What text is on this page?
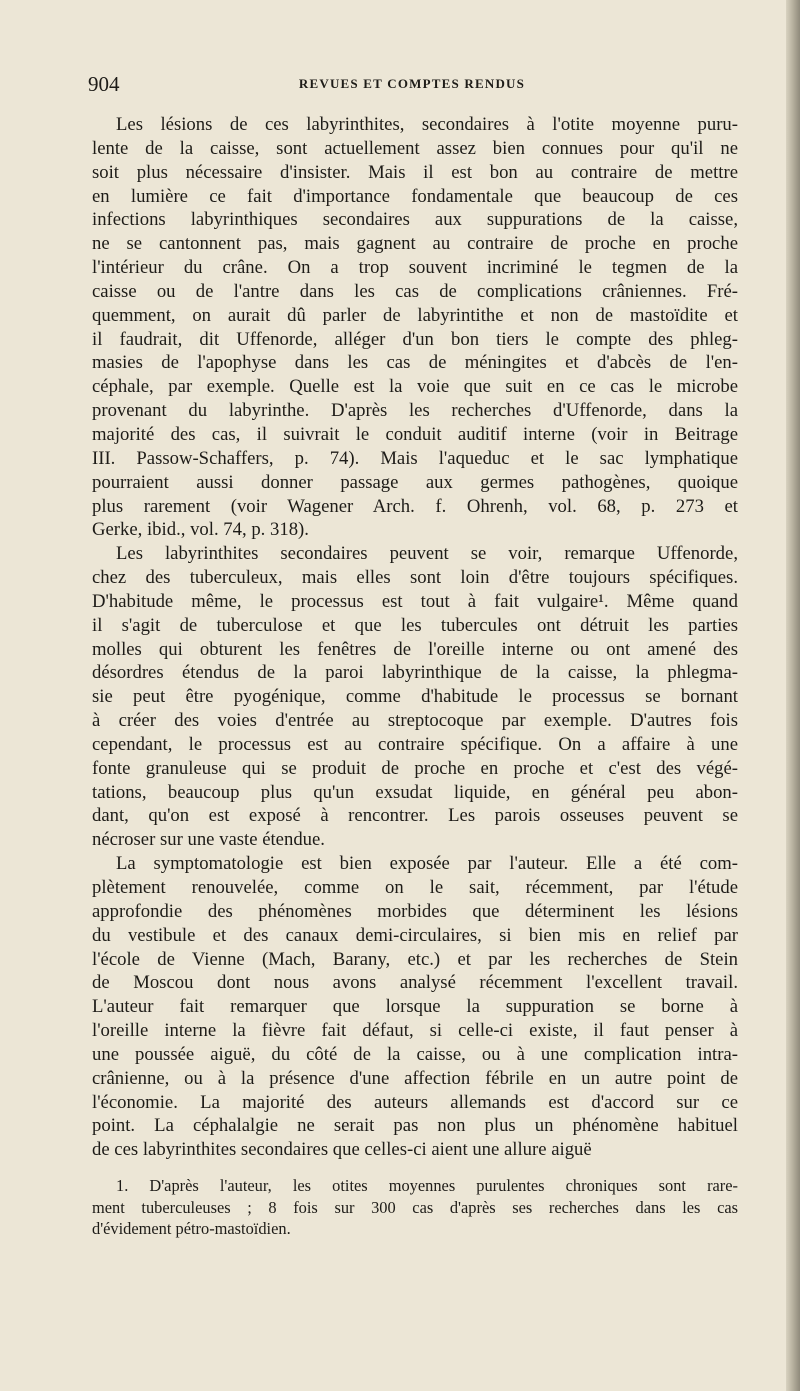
904	REVUES ET COMPTES RENDUS
Les lésions de ces labyrinthites, secondaires à l'otite moyenne puru-
lente de la caisse, sont actuellement assez bien connues pour qu'il ne
soit plus nécessaire d'insister. Mais il est bon au contraire de mettre
en lumière ce fait d'importance fondamentale que beaucoup de ces
infections labyrinthiques secondaires aux suppurations de la caisse,
ne se cantonnent pas, mais gagnent au contraire de proche en proche
l'intérieur du crâne. On a trop souvent incriminé le tegmen de la
caisse ou de l'antre dans les cas de complications crâniennes. Fré-
quemment, on aurait dû parler de labyrintithe et non de mastoïdite et
il faudrait, dit Uffenorde, alléger d'un bon tiers le compte des phleg-
masies de l'apophyse dans les cas de méningites et d'abcès de l'en-
céphale, par exemple. Quelle est la voie que suit en ce cas le microbe
provenant du labyrinthe. D'après les recherches d'Uffenorde, dans la
majorité des cas, il suivrait le conduit auditif interne (voir in Beitrage
III. Passow-Schaffers, p. 74). Mais l'aqueduc et le sac lymphatique
pourraient aussi donner passage aux germes pathogènes, quoique
plus rarement (voir Wagener Arch. f. Ohrenh, vol. 68, p. 273 et
Gerke, ibid., vol. 74, p. 318).
Les labyrinthites secondaires peuvent se voir, remarque Uffenorde,
chez des tuberculeux, mais elles sont loin d'être toujours spécifiques.
D'habitude même, le processus est tout à fait vulgaire¹. Même quand
il s'agit de tuberculose et que les tubercules ont détruit les parties
molles qui obturent les fenêtres de l'oreille interne ou ont amené des
désordres étendus de la paroi labyrinthique de la caisse, la phlegma-
sie peut être pyogénique, comme d'habitude le processus se bornant
à créer des voies d'entrée au streptocoque par exemple. D'autres fois
cependant, le processus est au contraire spécifique. On a affaire à une
fonte granuleuse qui se produit de proche en proche et c'est des végé-
tations, beaucoup plus qu'un exsudat liquide, en général peu abon-
dant, qu'on est exposé à rencontrer. Les parois osseuses peuvent se
nécroser sur une vaste étendue.
La symptomatologie est bien exposée par l'auteur. Elle a été com-
plètement renouvelée, comme on le sait, récemment, par l'étude
approfondie des phénomènes morbides que déterminent les lésions
du vestibule et des canaux demi-circulaires, si bien mis en relief par
l'école de Vienne (Mach, Barany, etc.) et par les recherches de Stein
de Moscou dont nous avons analysé récemment l'excellent travail.
L'auteur fait remarquer que lorsque la suppuration se borne à
l'oreille interne la fièvre fait défaut, si celle-ci existe, il faut penser à
une poussée aiguë, du côté de la caisse, ou à une complication intra-
crânienne, ou à la présence d'une affection fébrile en un autre point de
l'économie. La majorité des auteurs allemands est d'accord sur ce
point. La céphalalgie ne serait pas non plus un phénomène habituel
de ces labyrinthites secondaires que celles-ci aient une allure aiguë
1. D'après l'auteur, les otites moyennes purulentes chroniques sont rare-
ment tuberculeuses ; 8 fois sur 300 cas d'après ses recherches dans les cas
d'évidement pétro-mastoïdien.
